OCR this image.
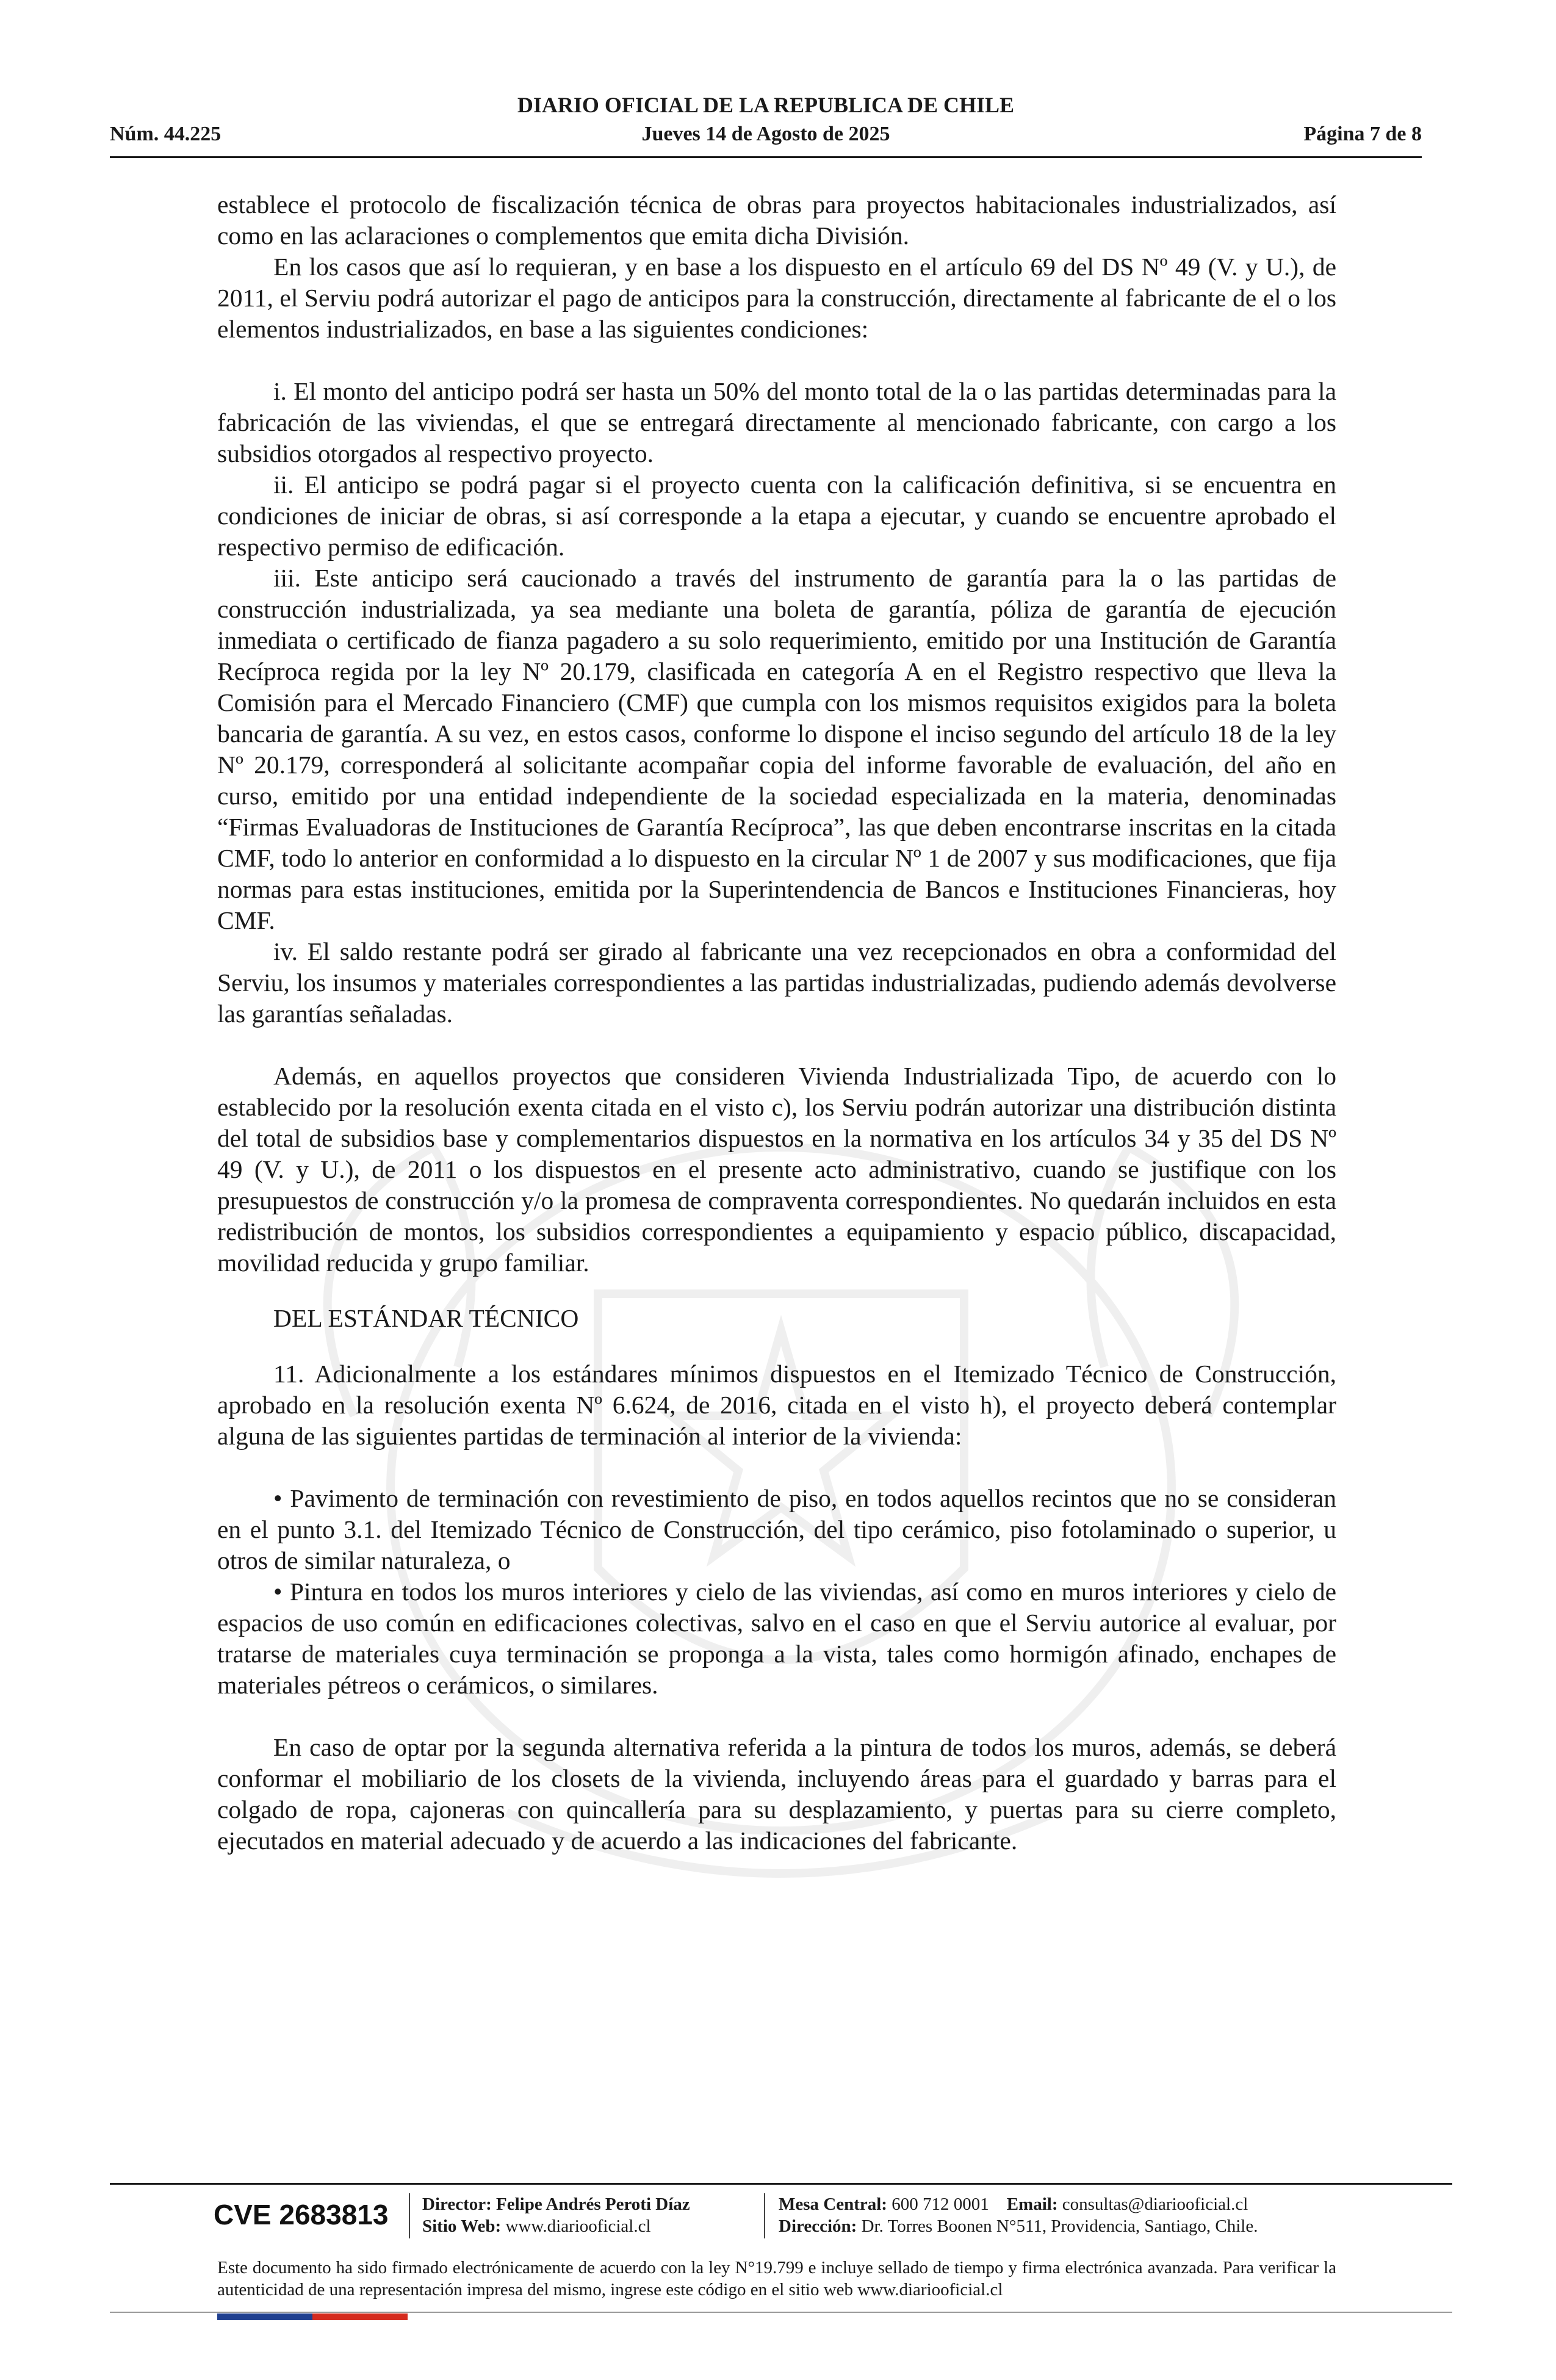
DIARIO OFICIAL DE LA REPUBLICA DE CHILE
Núm. 44.225	Jueves 14 de Agosto de 2025	Página 7 de 8

establece el protocolo de fiscalización técnica de obras para proyectos habitacionales industrializados, así como en las aclaraciones o complementos que emita dicha División.

En los casos que así lo requieran, y en base a los dispuesto en el artículo 69 del DS Nº 49 (V. y U.), de 2011, el Serviu podrá autorizar el pago de anticipos para la construcción, directamente al fabricante de el o los elementos industrializados, en base a las siguientes condiciones:

i. El monto del anticipo podrá ser hasta un 50% del monto total de la o las partidas determinadas para la fabricación de las viviendas, el que se entregará directamente al mencionado fabricante, con cargo a los subsidios otorgados al respectivo proyecto.

ii. El anticipo se podrá pagar si el proyecto cuenta con la calificación definitiva, si se encuentra en condiciones de iniciar de obras, si así corresponde a la etapa a ejecutar, y cuando se encuentre aprobado el respectivo permiso de edificación.

iii. Este anticipo será caucionado a través del instrumento de garantía para la o las partidas de construcción industrializada, ya sea mediante una boleta de garantía, póliza de garantía de ejecución inmediata o certificado de fianza pagadero a su solo requerimiento, emitido por una Institución de Garantía Recíproca regida por la ley Nº 20.179, clasificada en categoría A en el Registro respectivo que lleva la Comisión para el Mercado Financiero (CMF) que cumpla con los mismos requisitos exigidos para la boleta bancaria de garantía. A su vez, en estos casos, conforme lo dispone el inciso segundo del artículo 18 de la ley Nº 20.179, corresponderá al solicitante acompañar copia del informe favorable de evaluación, del año en curso, emitido por una entidad independiente de la sociedad especializada en la materia, denominadas “Firmas Evaluadoras de Instituciones de Garantía Recíproca”, las que deben encontrarse inscritas en la citada CMF, todo lo anterior en conformidad a lo dispuesto en la circular Nº 1 de 2007 y sus modificaciones, que fija normas para estas instituciones, emitida por la Superintendencia de Bancos e Instituciones Financieras, hoy CMF.

iv. El saldo restante podrá ser girado al fabricante una vez recepcionados en obra a conformidad del Serviu, los insumos y materiales correspondientes a las partidas industrializadas, pudiendo además devolverse las garantías señaladas.

Además, en aquellos proyectos que consideren Vivienda Industrializada Tipo, de acuerdo con lo establecido por la resolución exenta citada en el visto c), los Serviu podrán autorizar una distribución distinta del total de subsidios base y complementarios dispuestos en la normativa en los artículos 34 y 35 del DS Nº 49 (V. y U.), de 2011 o los dispuestos en el presente acto administrativo, cuando se justifique con los presupuestos de construcción y/o la promesa de compraventa correspondientes. No quedarán incluidos en esta redistribución de montos, los subsidios correspondientes a equipamiento y espacio público, discapacidad, movilidad reducida y grupo familiar.

DEL ESTÁNDAR TÉCNICO

11. Adicionalmente a los estándares mínimos dispuestos en el Itemizado Técnico de Construcción, aprobado en la resolución exenta Nº 6.624, de 2016, citada en el visto h), el proyecto deberá contemplar alguna de las siguientes partidas de terminación al interior de la vivienda:

• Pavimento de terminación con revestimiento de piso, en todos aquellos recintos que no se consideran en el punto 3.1. del Itemizado Técnico de Construcción, del tipo cerámico, piso fotolaminado o superior, u otros de similar naturaleza, o

• Pintura en todos los muros interiores y cielo de las viviendas, así como en muros interiores y cielo de espacios de uso común en edificaciones colectivas, salvo en el caso en que el Serviu autorice al evaluar, por tratarse de materiales cuya terminación se proponga a la vista, tales como hormigón afinado, enchapes de materiales pétreos o cerámicos, o similares.

En caso de optar por la segunda alternativa referida a la pintura de todos los muros, además, se deberá conformar el mobiliario de los closets de la vivienda, incluyendo áreas para el guardado y barras para el colgado de ropa, cajoneras con quincallería para su desplazamiento, y puertas para su cierre completo, ejecutados en material adecuado y de acuerdo a las indicaciones del fabricante.

CVE 2683813 Director: Felipe Andrés Peroti Díaz
Sitio Web: www.diariooficial.cl
Mesa Central: 600 712 0001 Email: consultas@diariooficial.cl
Dirección: Dr. Torres Boonen N°511, Providencia, Santiago, Chile.
Este documento ha sido firmado electrónicamente de acuerdo con la ley N°19.799 e incluye sellado de tiempo y firma electrónica avanzada. Para verificar la autenticidad de una representación impresa del mismo, ingrese este código en el sitio web www.diariooficial.cl
